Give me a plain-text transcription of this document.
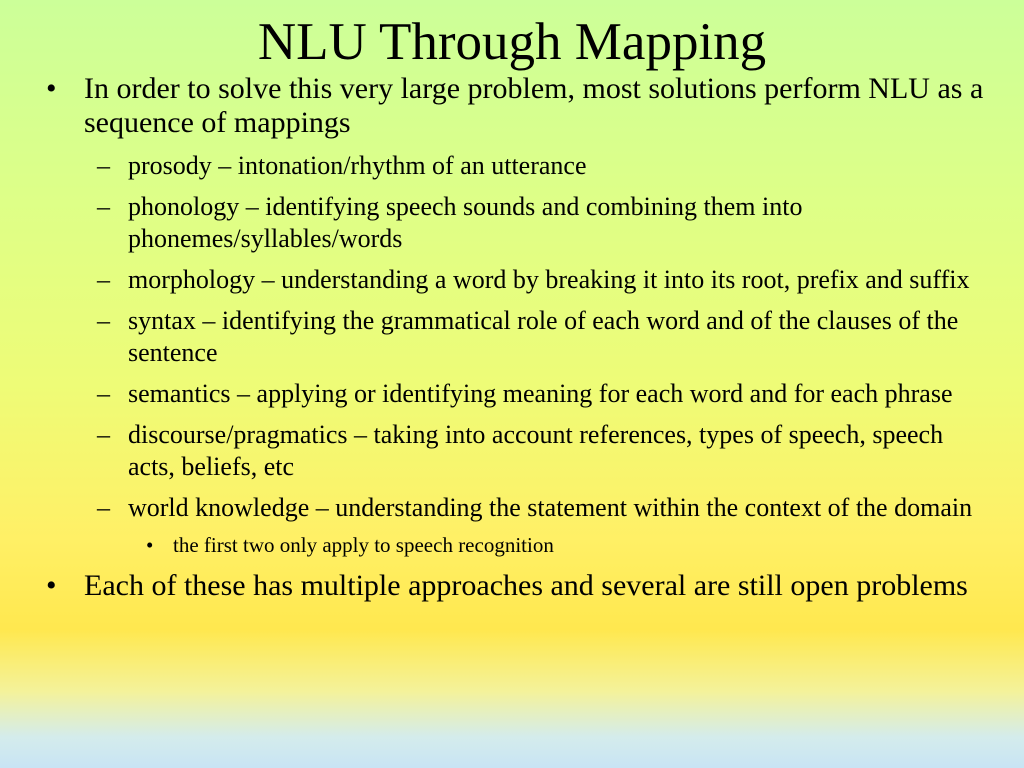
NLU Through Mapping

• In order to solve this very large problem, most solutions perform NLU as a sequence of mappings

– prosody – intonation/rhythm of an utterance

– phonology – identifying speech sounds and combining them into phonemes/syllables/words

– morphology – understanding a word by breaking it into its root, prefix and suffix

– syntax – identifying the grammatical role of each word and of the clauses of the sentence

– semantics – applying or identifying meaning for each word and for each phrase

– discourse/pragmatics – taking into account references, types of speech, speech acts, beliefs, etc

– world knowledge – understanding the statement within the context of the domain

• the first two only apply to speech recognition

• Each of these has multiple approaches and several are still open problems
